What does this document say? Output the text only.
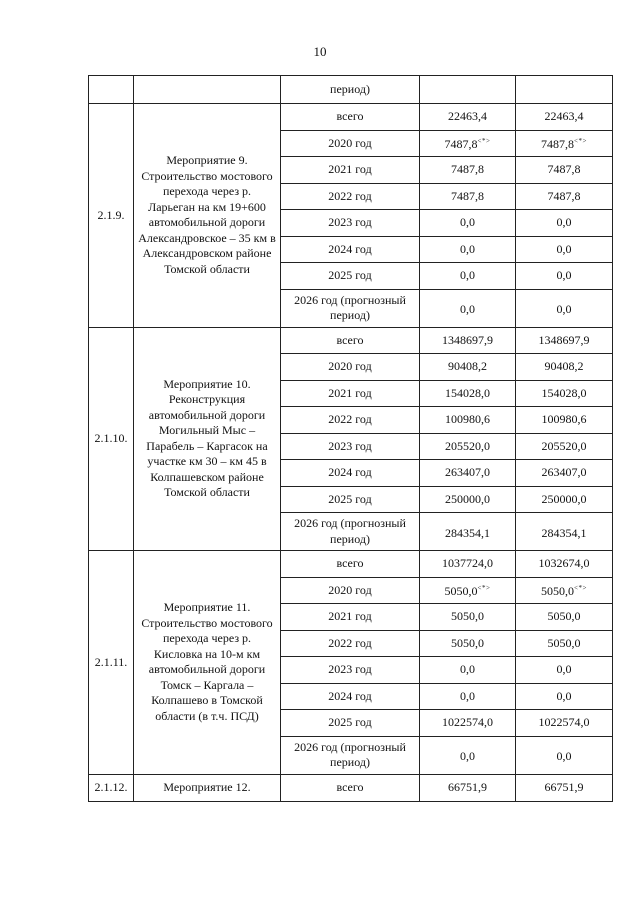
10
		период)		
2.1.9.	Мероприятие 9. Строительство мостового перехода через р. Ларьеган на км 19+600 автомобильной дороги Александровское – 35 км в Александровском районе Томской области	всего	22463,4	22463,4
		2020 год	7487,8<*>	7487,8<*>
		2021 год	7487,8	7487,8
		2022 год	7487,8	7487,8
		2023 год	0,0	0,0
		2024 год	0,0	0,0
		2025 год	0,0	0,0
		2026 год (прогнозный период)	0,0	0,0
2.1.10.	Мероприятие 10. Реконструкция автомобильной дороги Могильный Мыс – Парабель – Каргасок на участке км 30 – км 45 в Колпашевском районе Томской области	всего	1348697,9	1348697,9
		2020 год	90408,2	90408,2
		2021 год	154028,0	154028,0
		2022 год	100980,6	100980,6
		2023 год	205520,0	205520,0
		2024 год	263407,0	263407,0
		2025 год	250000,0	250000,0
		2026 год (прогнозный период)	284354,1	284354,1
2.1.11.	Мероприятие 11. Строительство мостового перехода через р. Кисловка на 10-м км автомобильной дороги Томск – Каргала – Колпашево в Томской области (в т.ч. ПСД)	всего	1037724,0	1032674,0
		2020 год	5050,0<*>	5050,0<*>
		2021 год	5050,0	5050,0
		2022 год	5050,0	5050,0
		2023 год	0,0	0,0
		2024 год	0,0	0,0
		2025 год	1022574,0	1022574,0
		2026 год (прогнозный период)	0,0	0,0
2.1.12.	Мероприятие 12.	всего	66751,9	66751,9
